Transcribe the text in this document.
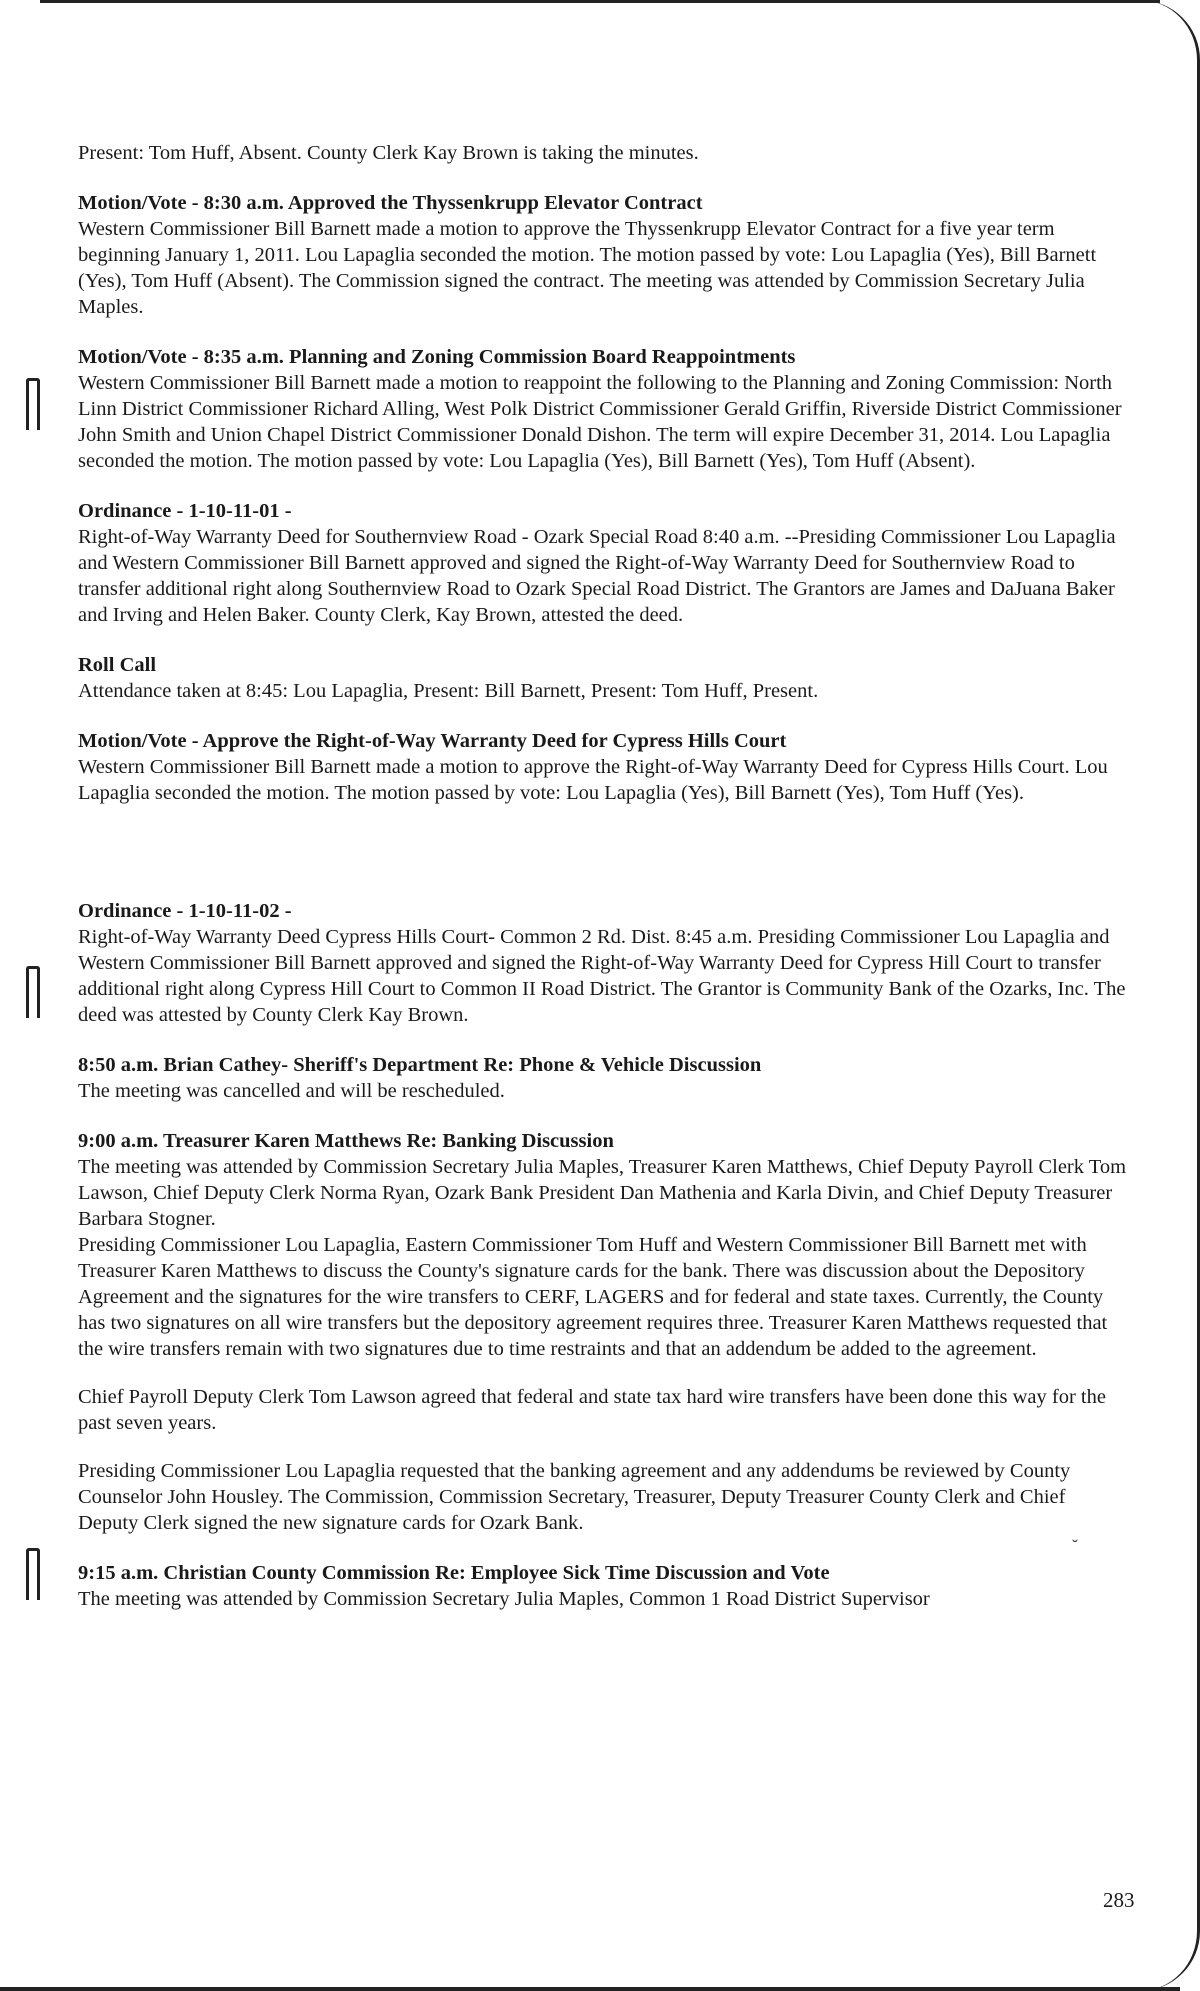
˘
Present: Tom Huff, Absent. County Clerk Kay Brown is taking the minutes.
Motion/Vote - 8:30 a.m. Approved the Thyssenkrupp Elevator Contract
Western Commissioner Bill Barnett made a motion to approve the Thyssenkrupp Elevator Contract for a five year term beginning January 1, 2011. Lou Lapaglia seconded the motion. The motion passed by vote: Lou Lapaglia (Yes), Bill Barnett (Yes), Tom Huff (Absent). The Commission signed the contract. The meeting was attended by Commission Secretary Julia Maples.
Motion/Vote - 8:35 a.m. Planning and Zoning Commission Board Reappointments
Western Commissioner Bill Barnett made a motion to reappoint the following to the Planning and Zoning Commission: North Linn District Commissioner Richard Alling, West Polk District Commissioner Gerald Griffin, Riverside District Commissioner John Smith and Union Chapel District Commissioner Donald Dishon. The term will expire December 31, 2014. Lou Lapaglia seconded the motion. The motion passed by vote: Lou Lapaglia (Yes), Bill Barnett (Yes), Tom Huff (Absent).
Ordinance - 1-10-11-01 -
Right-of-Way Warranty Deed for Southernview Road - Ozark Special Road 8:40 a.m. --Presiding Commissioner Lou Lapaglia and Western Commissioner Bill Barnett approved and signed the Right-of-Way Warranty Deed for Southernview Road to transfer additional right along Southernview Road to Ozark Special Road District. The Grantors are James and DaJuana Baker and Irving and Helen Baker. County Clerk, Kay Brown, attested the deed.
Roll Call
Attendance taken at 8:45: Lou Lapaglia, Present: Bill Barnett, Present: Tom Huff, Present.
Motion/Vote - Approve the Right-of-Way Warranty Deed for Cypress Hills Court
Western Commissioner Bill Barnett made a motion to approve the Right-of-Way Warranty Deed for Cypress Hills Court. Lou Lapaglia seconded the motion. The motion passed by vote: Lou Lapaglia (Yes), Bill Barnett (Yes), Tom Huff (Yes).
Ordinance - 1-10-11-02 -
Right-of-Way Warranty Deed Cypress Hills Court- Common 2 Rd. Dist. 8:45 a.m. Presiding Commissioner Lou Lapaglia and Western Commissioner Bill Barnett approved and signed the Right-of-Way Warranty Deed for Cypress Hill Court to transfer additional right along Cypress Hill Court to Common II Road District. The Grantor is Community Bank of the Ozarks, Inc. The deed was attested by County Clerk Kay Brown.
8:50 a.m. Brian Cathey- Sheriff's Department Re: Phone & Vehicle Discussion
The meeting was cancelled and will be rescheduled.
9:00 a.m. Treasurer Karen Matthews Re: Banking Discussion
The meeting was attended by Commission Secretary Julia Maples, Treasurer Karen Matthews, Chief Deputy Payroll Clerk Tom Lawson, Chief Deputy Clerk Norma Ryan, Ozark Bank President Dan Mathenia and Karla Divin, and Chief Deputy Treasurer Barbara Stogner.
Presiding Commissioner Lou Lapaglia, Eastern Commissioner Tom Huff and Western Commissioner Bill Barnett met with Treasurer Karen Matthews to discuss the County's signature cards for the bank. There was discussion about the Depository Agreement and the signatures for the wire transfers to CERF, LAGERS and for federal and state taxes. Currently, the County has two signatures on all wire transfers but the depository agreement requires three. Treasurer Karen Matthews requested that the wire transfers remain with two signatures due to time restraints and that an addendum be added to the agreement.
Chief Payroll Deputy Clerk Tom Lawson agreed that federal and state tax hard wire transfers have been done this way for the past seven years.
Presiding Commissioner Lou Lapaglia requested that the banking agreement and any addendums be reviewed by County Counselor John Housley. The Commission, Commission Secretary, Treasurer, Deputy Treasurer County Clerk and Chief Deputy Clerk signed the new signature cards for Ozark Bank.
9:15 a.m. Christian County Commission Re: Employee Sick Time Discussion and Vote
The meeting was attended by Commission Secretary Julia Maples, Common 1 Road District Supervisor
283
